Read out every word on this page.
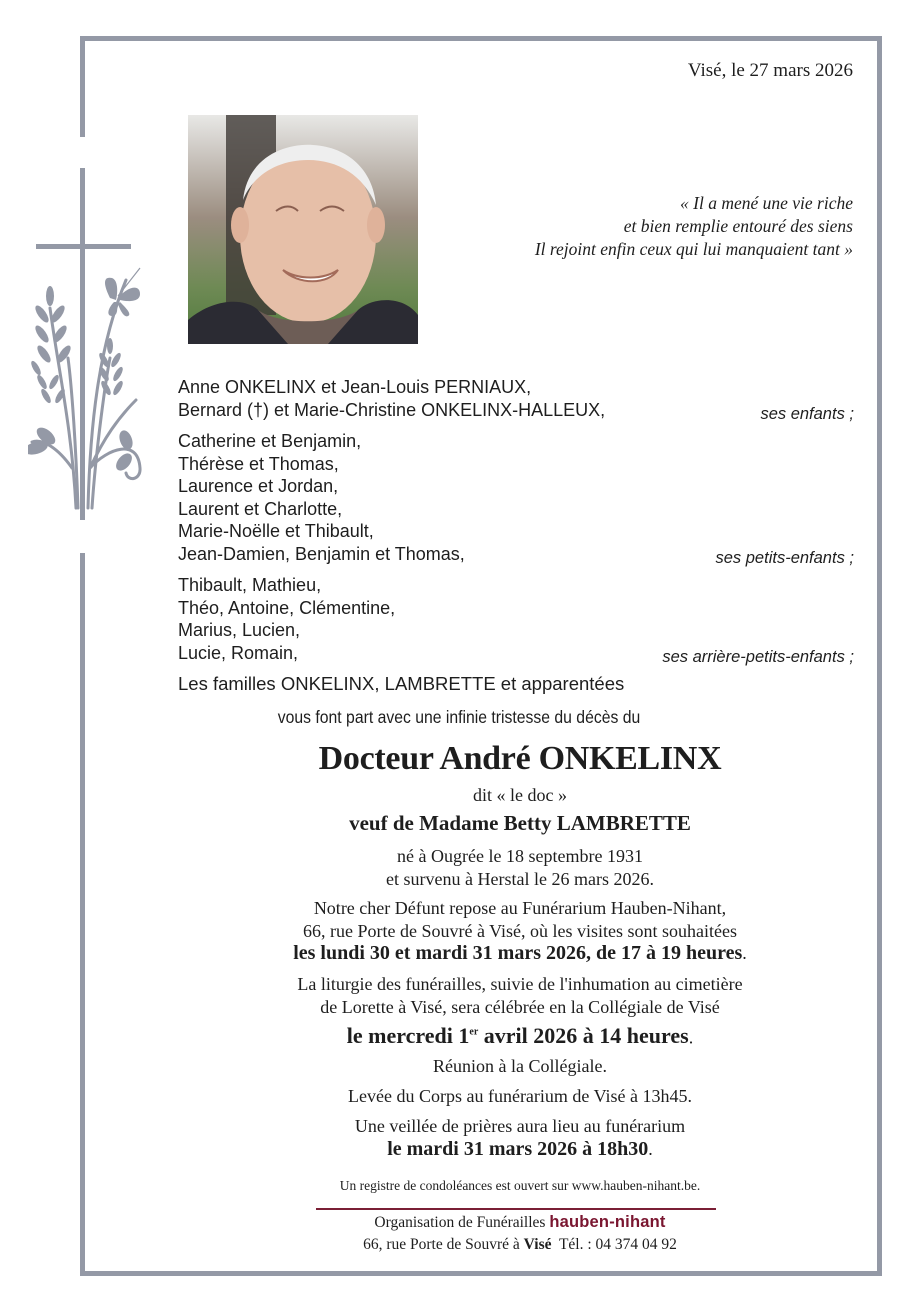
Visé, le 27 mars 2026
« Il a mené une vie riche
et bien remplie entouré des siens
Il rejoint enfin ceux qui lui manquaient tant »
Anne ONKELINX et Jean-Louis PERNIAUX,
Bernard (†) et Marie-Christine ONKELINX-HALLEUX,	ses enfants ;
Catherine et Benjamin,
Thérèse et Thomas,
Laurence et Jordan,
Laurent et Charlotte,
Marie-Noëlle et Thibault,
Jean-Damien, Benjamin et Thomas,	ses petits-enfants ;
Thibault, Mathieu,
Théo, Antoine, Clémentine,
Marius, Lucien,
Lucie, Romain,	ses arrière-petits-enfants ;
Les familles ONKELINX, LAMBRETTE et apparentées
vous font part avec une infinie tristesse du décès du
Docteur André ONKELINX
dit « le doc »
veuf de Madame Betty LAMBRETTE
né à Ougrée le 18 septembre 1931
et survenu à Herstal le 26 mars 2026.
Notre cher Défunt repose au Funérarium Hauben-Nihant,
66, rue Porte de Souvré à Visé, où les visites sont souhaitées
les lundi 30 et mardi 31 mars 2026, de 17 à 19 heures.
La liturgie des funérailles, suivie de l'inhumation au cimetière
de Lorette à Visé, sera célébrée en la Collégiale de Visé
le mercredi 1er avril 2026 à 14 heures.
Réunion à la Collégiale.
Levée du Corps au funérarium de Visé à 13h45.
Une veillée de prières aura lieu au funérarium
le mardi 31 mars 2026 à 18h30.
Un registre de condoléances est ouvert sur www.hauben-nihant.be.
Organisation de Funérailles hauben-nihant
66, rue Porte de Souvré à Visé  Tél. : 04 374 04 92
